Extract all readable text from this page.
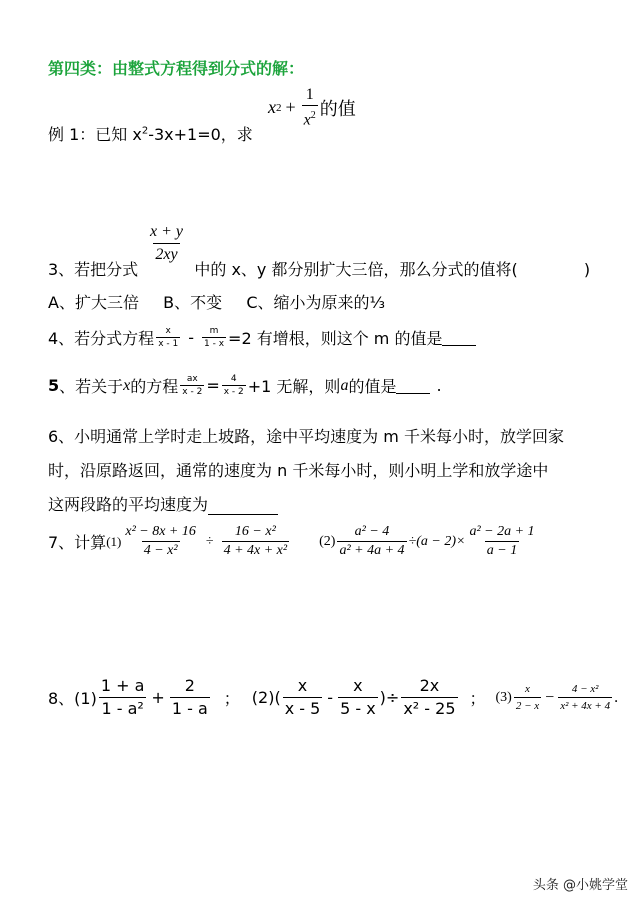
第四类：由整式方程得到分式的解：
x $2 + \frac{1}{x^2}$ 的值
例 1：已知 $x^2-3x+1=0$，求
$\frac{x + y}{2xy}$
3、若把分式	中的 x、y 都分别扩大三倍，那么分式的值将(	)
A、扩大三倍 B、不变 C、缩小为原来的⅓
4、若分式方程 $\frac{x}{x - 1} - \frac{m}{1 - x} =2$ 有增根，则这个 m 的值是
5 、若关于 x 的方程 $\frac{ax}{x - 2} = \frac{4}{x - 2} +1$ 无解，则 a 的值是	.
6、小明通常上学时走上坡路，途中平均速度为 m 千米每小时，放学回家
时，沿原路返回，通常的速度为 n 千米每小时，则小明上学和放学途中
这两段路的平均速度为
7、计算 $(1) \frac{\text{x² − 8x + 16}}{\text{4 − x²}} \div \frac{\text{16 − x²}}{\text{4 + 4x + x²}} (2) \frac{\text{a² − 4}}{\text{a² + 4a + 4}} \div(a - 2)\times \frac{\text{a² − 2a + 1}}{a - 1}$
8、$(1) \frac{1 + a}{\text{1 - a²}} + \frac{2}{1 - a}$ ； $(2)( \frac{x}{x - 5} - \frac{x}{5 - x}$ )÷ $\frac{2x}{\text{x² - 25}}$ ； $(3) \frac{x}{2 - x} - \frac{\text{4 − x²}}{\text{x² + 4x + 4}}$ .
头条 @小姚学堂
